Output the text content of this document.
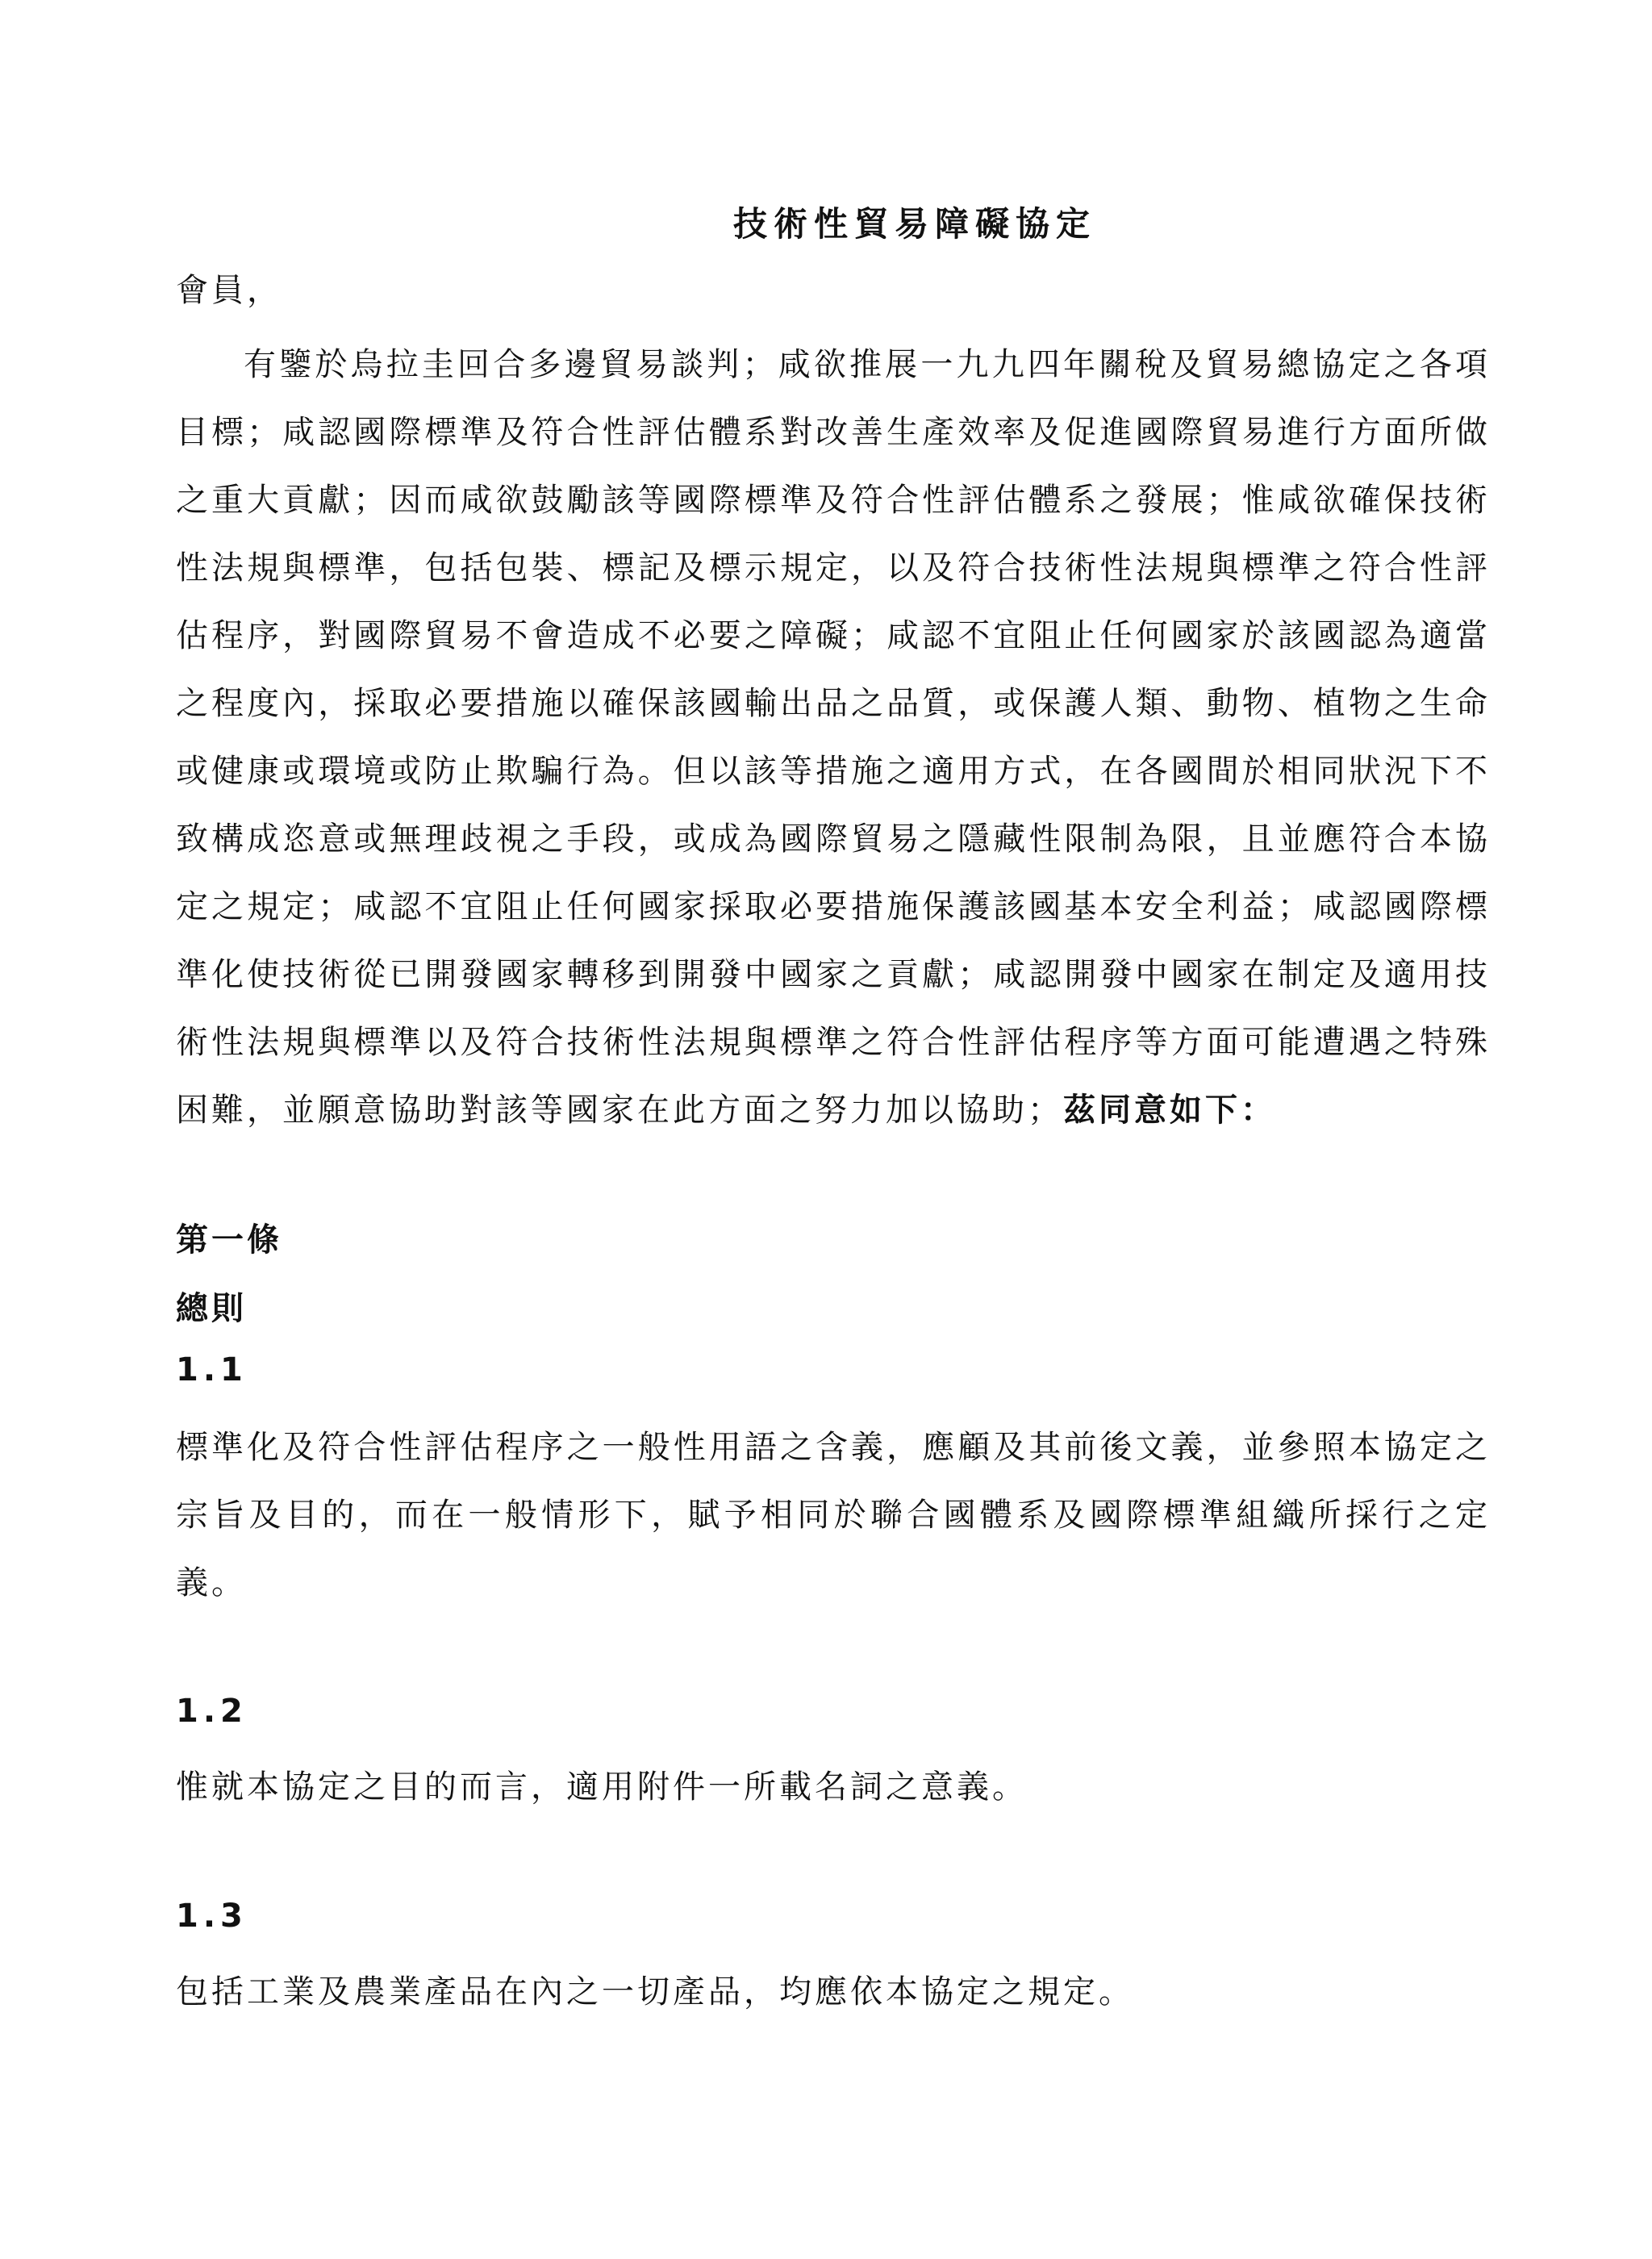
技術性貿易障礙協定

會員，

有鑒於烏拉圭回合多邊貿易談判；咸欲推展一九九四年關稅及貿易總協定之各項目標；咸認國際標準及符合性評估體系對改善生產效率及促進國際貿易進行方面所做之重大貢獻；因而咸欲鼓勵該等國際標準及符合性評估體系之發展；惟咸欲確保技術性法規與標準，包括包裝、標記及標示規定，以及符合技術性法規與標準之符合性評估程序，對國際貿易不會造成不必要之障礙；咸認不宜阻止任何國家於該國認為適當之程度內，採取必要措施以確保該國輸出品之品質，或保護人類、動物、植物之生命或健康或環境或防止欺騙行為。但以該等措施之適用方式，在各國間於相同狀況下不致構成恣意或無理歧視之手段，或成為國際貿易之隱藏性限制為限，且並應符合本協定之規定；咸認不宜阻止任何國家採取必要措施保護該國基本安全利益；咸認國際標準化使技術從已開發國家轉移到開發中國家之貢獻；咸認開發中國家在制定及適用技術性法規與標準以及符合技術性法規與標準之符合性評估程序等方面可能遭遇之特殊困難，並願意協助對該等國家在此方面之努力加以協助；茲同意如下：

第一條

總則

1.1

標準化及符合性評估程序之一般性用語之含義，應顧及其前後文義，並參照本協定之宗旨及目的，而在一般情形下，賦予相同於聯合國體系及國際標準組織所採行之定義。

1.2

惟就本協定之目的而言，適用附件一所載名詞之意義。

1.3

包括工業及農業產品在內之一切產品，均應依本協定之規定。
